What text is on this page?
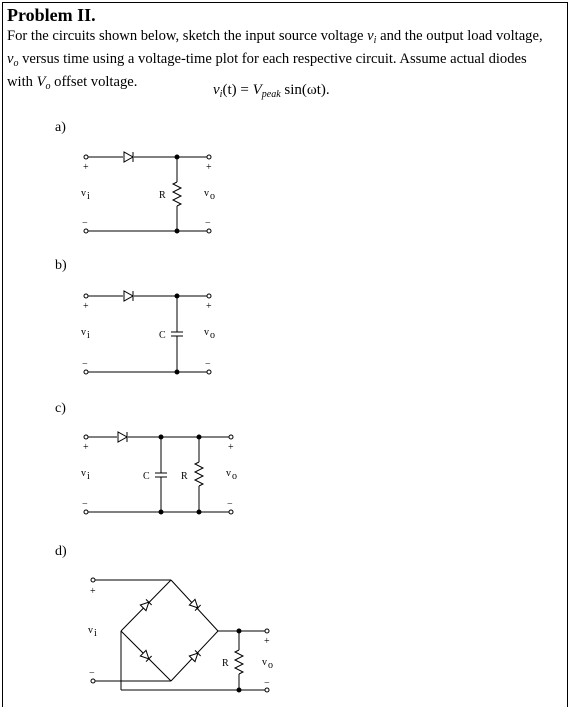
Problem II.

For the circuits shown below, sketch the input source voltage $v_i$ and the output load voltage,
$v_o$ versus time using a voltage-time plot for each respective circuit. Assume actual diodes
with $V_o$ offset voltage.	$v_i(t) = V_{peak}$ sin(ωt).
a)
b)
c)
d)
+
v i
−
+
v o
−
R
+
v i
−
+
v o
−
C
+
v i
−
+
v o
−
C	R
+
v i
−
+
v o
−
R
